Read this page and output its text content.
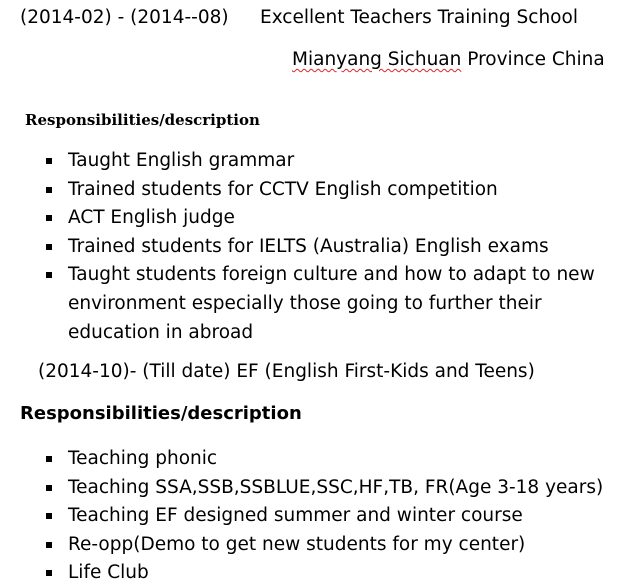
(2014-02) - (2014--08) Excellent Teachers Training School
Mianyang Sichuan Province China
Responsibilities/description
Taught English grammar
Trained students for CCTV English competition
ACT English judge
Trained students for IELTS (Australia) English exams
Taught students foreign culture and how to adapt to new environment especially those going to further their education in abroad
(2014-10)- (Till date) EF (English First-Kids and Teens)
Responsibilities/description
Teaching phonic
Teaching SSA,SSB,SSBLUE,SSC,HF,TB, FR(Age 3-18 years)
Teaching EF designed summer and winter course
Re-opp(Demo to get new students for my center)
Life Club
